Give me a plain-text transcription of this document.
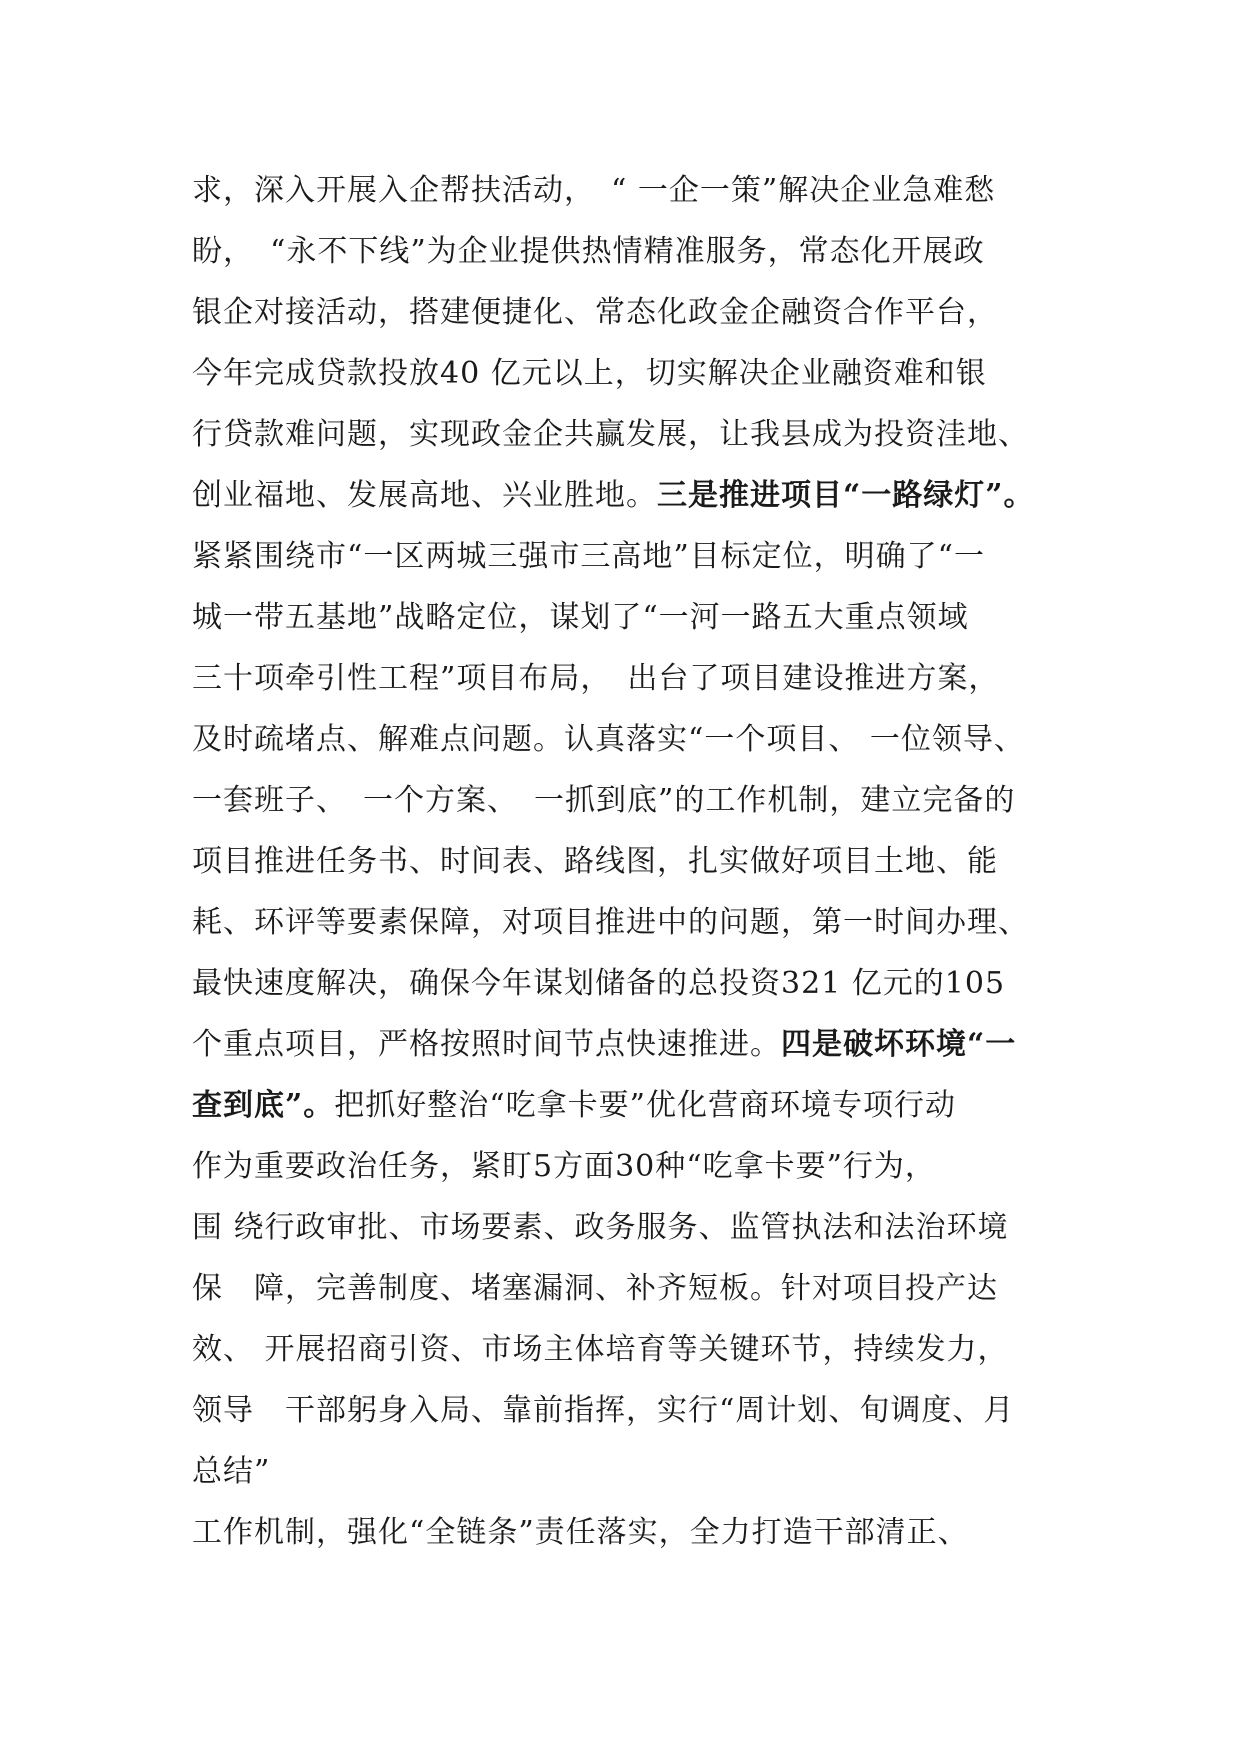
求，深入开展入企帮扶活动，　“ 一企一策”解决企业急难愁
盼，　“永不下线”为企业提供热情精准服务，常态化开展政
银企对接活动，搭建便捷化、常态化政金企融资合作平台，
今年完成贷款投放40 亿元以上，切实解决企业融资难和银
行贷款难问题，实现政金企共赢发展，让我县成为投资洼地、
创业福地、发展高地、兴业胜地。三是推进项目“一路绿灯”。
紧紧围绕市“一区两城三强市三高地”目标定位，明确了“一
城一带五基地”战略定位，谋划了“一河一路五大重点领域
三十项牵引性工程”项目布局，　出台了项目建设推进方案，
及时疏堵点、解难点问题。认真落实“一个项目、 一位领导、
一套班子、　一个方案、　一抓到底”的工作机制，建立完备的
项目推进任务书、时间表、路线图，扎实做好项目土地、能
耗、环评等要素保障，对项目推进中的问题，第一时间办理、
最快速度解决，确保今年谋划储备的总投资321 亿元的105
个重点项目，严格按照时间节点快速推进。四是破坏环境“一
查到底”。把抓好整治“吃拿卡要”优化营商环境专项行动
作为重要政治任务，紧盯5方面30种“吃拿卡要”行为，
围 绕行政审批、市场要素、政务服务、监管执法和法治环境
保　障，完善制度、堵塞漏洞、补齐短板。针对项目投产达
效、 开展招商引资、市场主体培育等关键环节，持续发力，
领导　干部躬身入局、靠前指挥，实行“周计划、旬调度、月
总结”
工作机制，强化“全链条”责任落实，全力打造干部清正、
